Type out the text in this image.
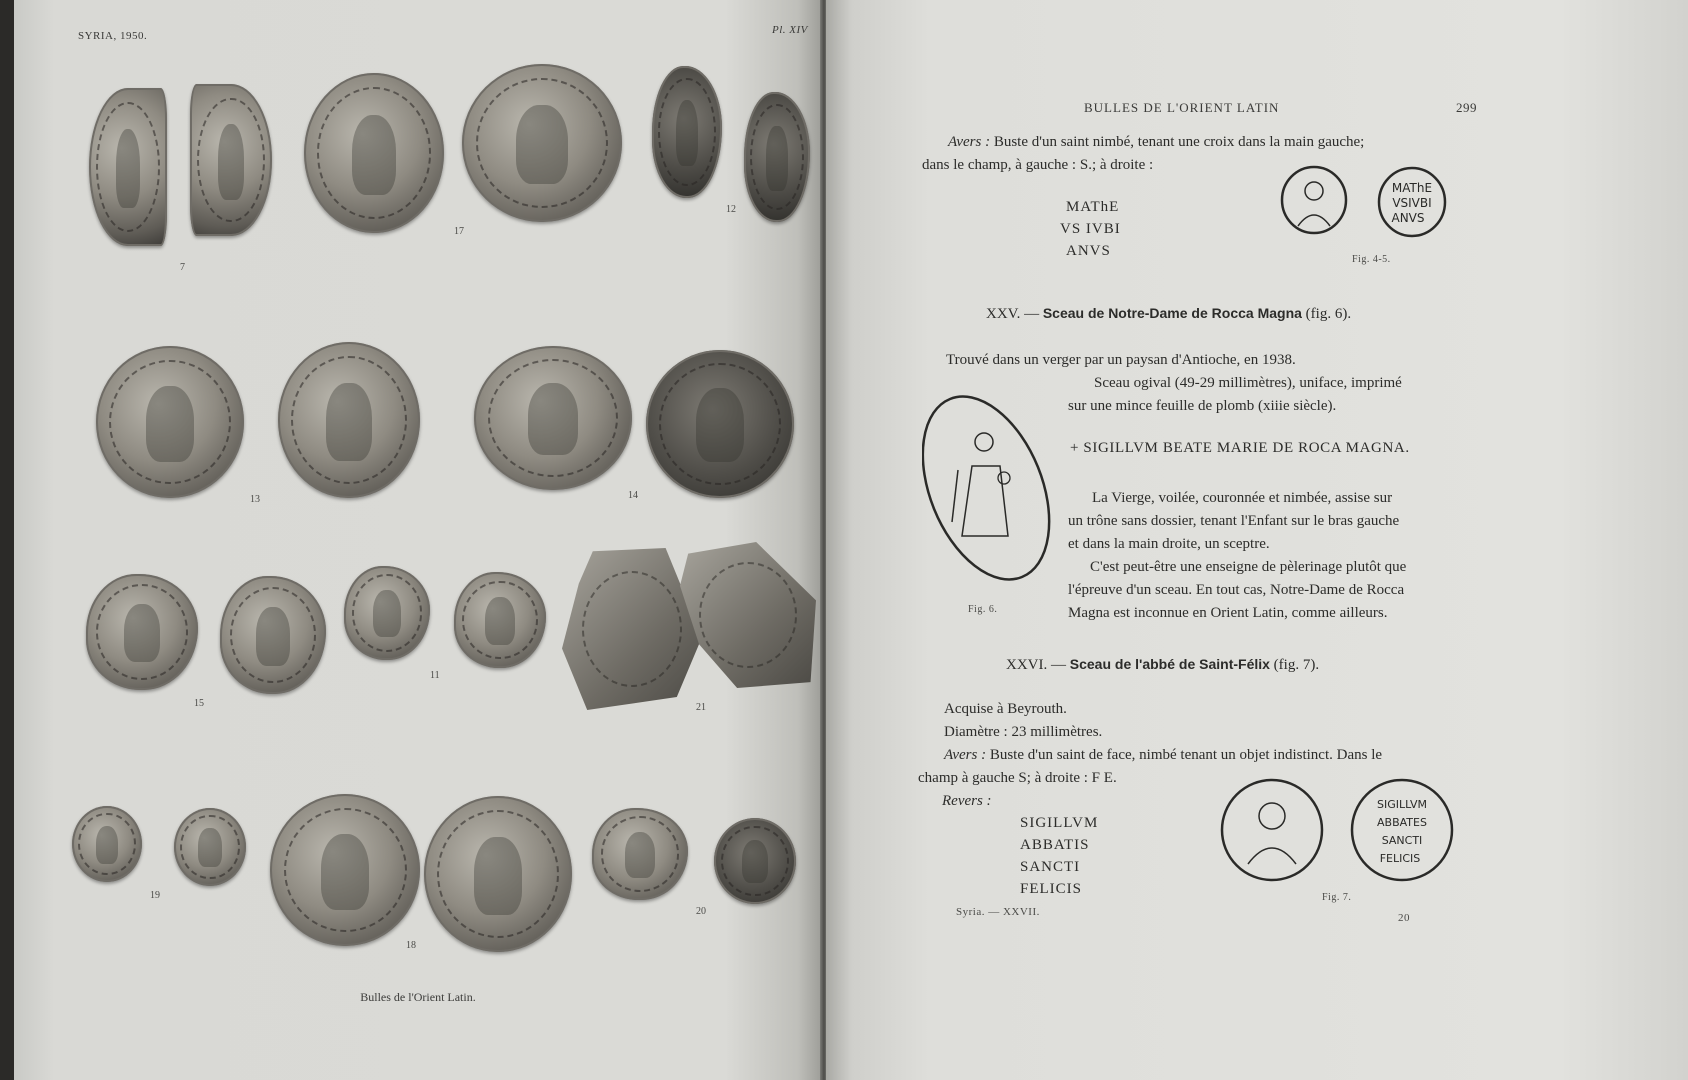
SYRIA, 1950.	Pl. XIV
7
17
12
13	14
15
11
21
19
18
20
Bulles de l'Orient Latin.
BULLES DE L'ORIENT LATIN	299
Avers : Buste d'un saint nimbé, tenant une croix dans la main gauche;
dans le champ, à gauche : S.; à droite :
MAThE
VS IVBI
ANVS
MAThE
VSIVBI
ANVS
Fig. 4-5.
XXV. — Sceau de Notre-Dame de Rocca Magna (fig. 6).
Trouvé dans un verger par un paysan d'Antioche, en 1938.
Sceau ogival (49-29 millimètres), uniface, imprimé
sur une mince feuille de plomb (xiiie siècle).
Fig. 6.
+ SIGILLVM BEATE MARIE DE ROCA MAGNA.
La Vierge, voilée, couronnée et nimbée, assise sur
un trône sans dossier, tenant l'Enfant sur le bras gauche
et dans la main droite, un sceptre.
C'est peut-être une enseigne de pèlerinage plutôt que
l'épreuve d'un sceau. En tout cas, Notre-Dame de Rocca
Magna est inconnue en Orient Latin, comme ailleurs.
XXVI. — Sceau de l'abbé de Saint-Félix (fig. 7).
Acquise à Beyrouth.
Diamètre : 23 millimètres.
Avers : Buste d'un saint de face, nimbé tenant un objet indistinct. Dans le
champ à gauche S; à droite : F E.
Revers :
SIGILLVM
ABBATIS
SANCTI
FELICIS
SIGILLVM
ABBATES
SANCTI
FELICIS
Fig. 7.
Syria. — XXVII.	20
